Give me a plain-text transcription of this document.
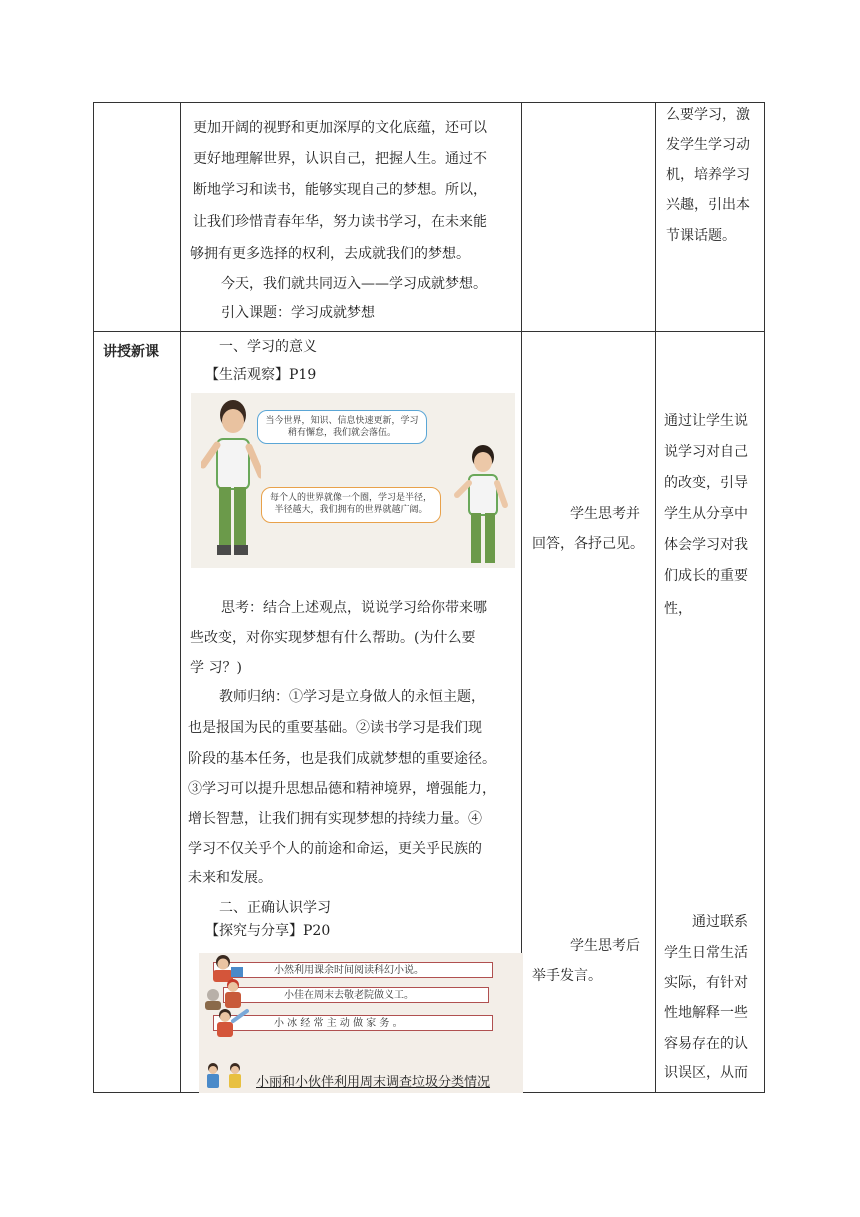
更加开阔的视野和更加深厚的文化底蕴，还可以
更好地理解世界，认识自己，把握人生。通过不
断地学习和读书，能够实现自己的梦想。所以，
让我们珍惜青春年华，努力读书学习，在未来能
够拥有更多选择的权利，去成就我们的梦想。
今天，我们就共同迈入——学习成就梦想。
引入课题：学习成就梦想
么要学习，激
发学生学习动
机，培养学习
兴趣，引出本
节课话题。
讲授新课	一、学习的意义
【生活观察】P19
当今世界，知识、信息快速更新，学习稍有懈怠，我们就会落伍。
每个人的世界就像一个圈，学习是半径，半径越大，我们拥有的世界就越广阔。
思考：结合上述观点，说说学习给你带来哪
些改变，对你实现梦想有什么帮助。(为什么要
学 习？)
教师归纳：①学习是立身做人的永恒主题，
也是报国为民的重要基础。②读书学习是我们现
阶段的基本任务，也是我们成就梦想的重要途径。
③学习可以提升思想品德和精神境界，增强能力，
增长智慧，让我们拥有实现梦想的持续力量。④
学习不仅关乎个人的前途和命运，更关乎民族的
未来和发展。
二、正确认识学习
【探究与分享】P20
小然利用课余时间阅读科幻小说。
小佳在周末去敬老院做义工。
小 冰 经 常 主 动 做 家 务 。
小丽和小伙伴利用周末调查垃圾分类情况
学生思考并
回答，各抒己见。
学生思考后
举手发言。
通过让学生说
说学习对自己
的改变，引导
学生从分享中
体会学习对我
们成长的重要
性，
通过联系
学生日常生活
实际，有针对
性地解释一些
容易存在的认
识误区，从而
